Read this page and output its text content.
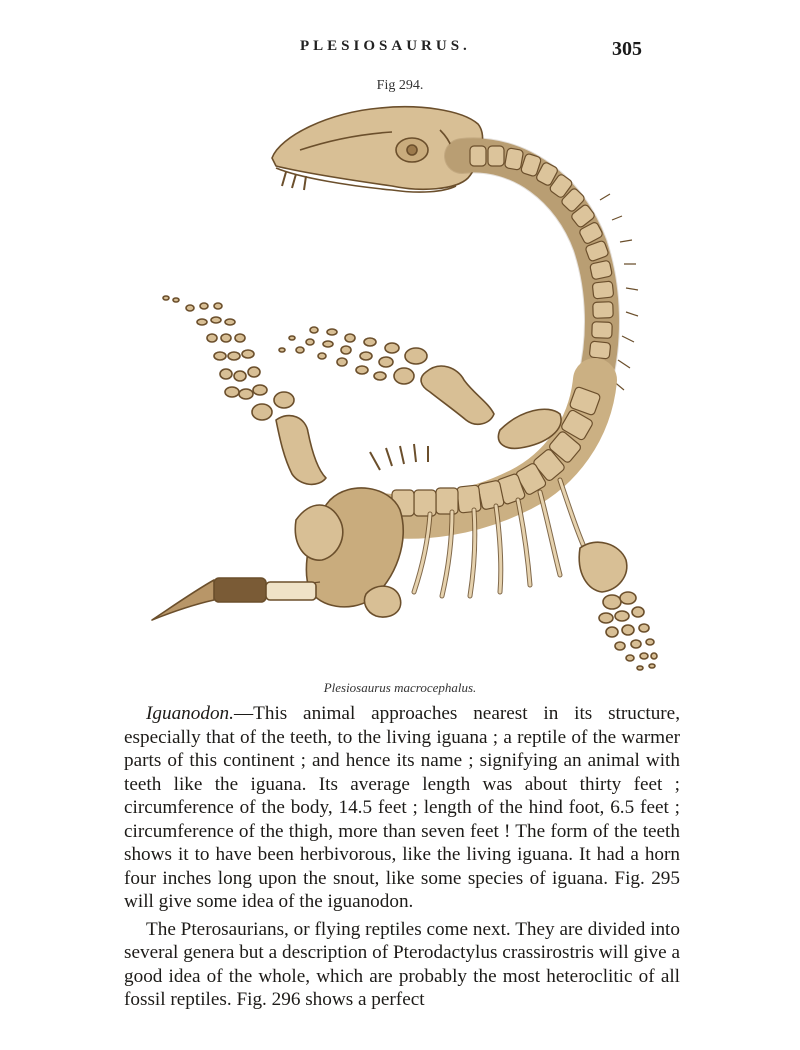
PLESIOSAURUS.	305
Fig 294.
Plesiosaurus macrocephalus.

Iguanodon.—This animal approaches nearest in its structure, especially that of the teeth, to the living iguana ; a reptile of the warmer parts of this continent ; and hence its name ; signifying an animal with teeth like the iguana. Its average length was about thirty feet ; circumference of the body, 14.5 feet ; length of the hind foot, 6.5 feet ; circumference of the thigh, more than seven feet ! The form of the teeth shows it to have been herbivorous, like the living iguana. It had a horn four inches long upon the snout, like some species of iguana. Fig. 295 will give some idea of the iguanodon.

The Pterosaurians, or flying reptiles come next. They are divided into several genera but a description of Pterodactylus crassirostris will give a good idea of the whole, which are probably the most heteroclitic of all fossil reptiles. Fig. 296 shows a perfect
